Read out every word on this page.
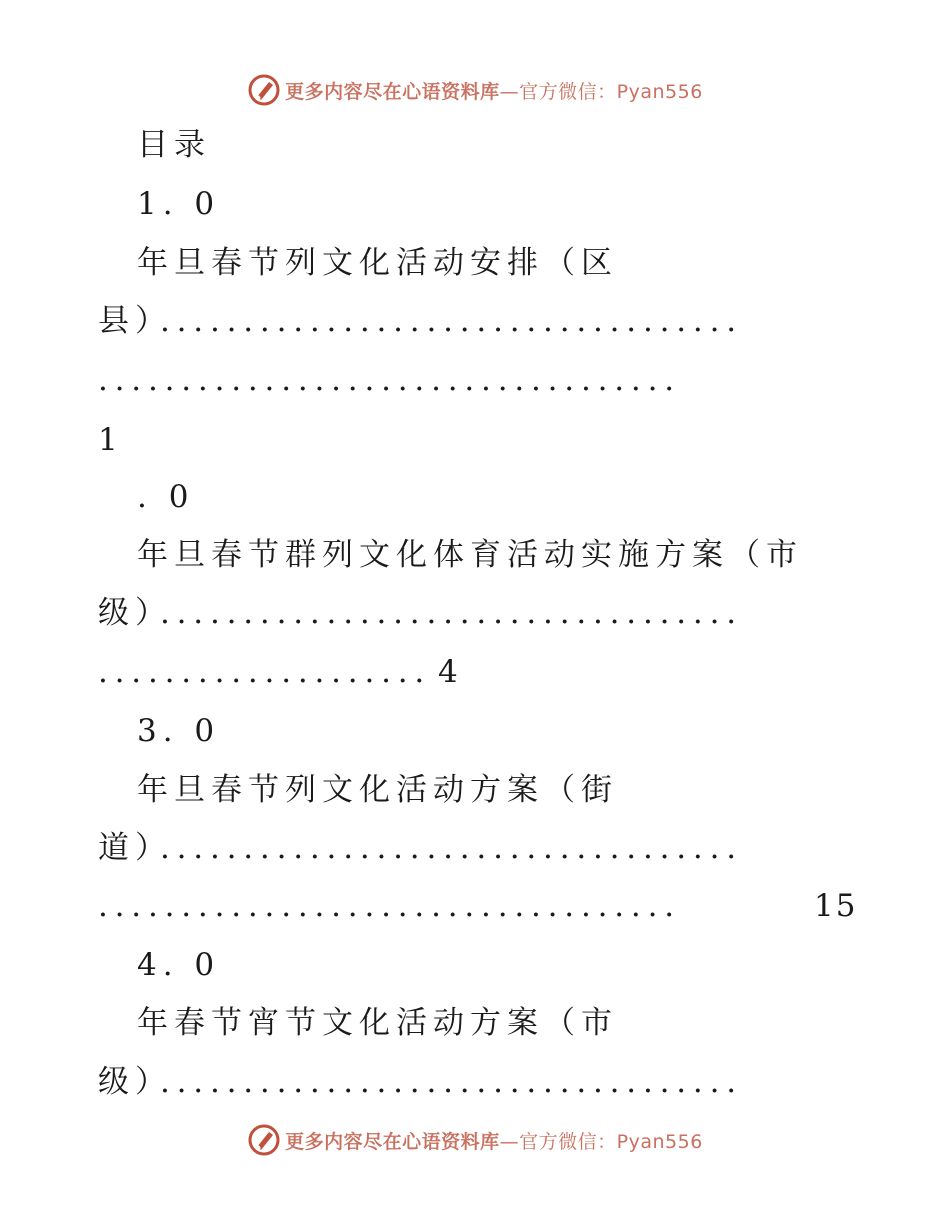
更多内容尽在心语资料库 —官方微信：Pyan556
目录
1. 0
年旦春节列文化活动安排（区
县）
...................................
...................................
1
. 0
年旦春节群列文化体育活动实施方案（市
级）
...................................
.................... 4
3. 0
年旦春节列文化活动方案（街
道）
...................................
...................................	15
4. 0
年春节宵节文化活动方案（市
级）
...................................
更多内容尽在心语资料库 —官方微信：Pyan556
